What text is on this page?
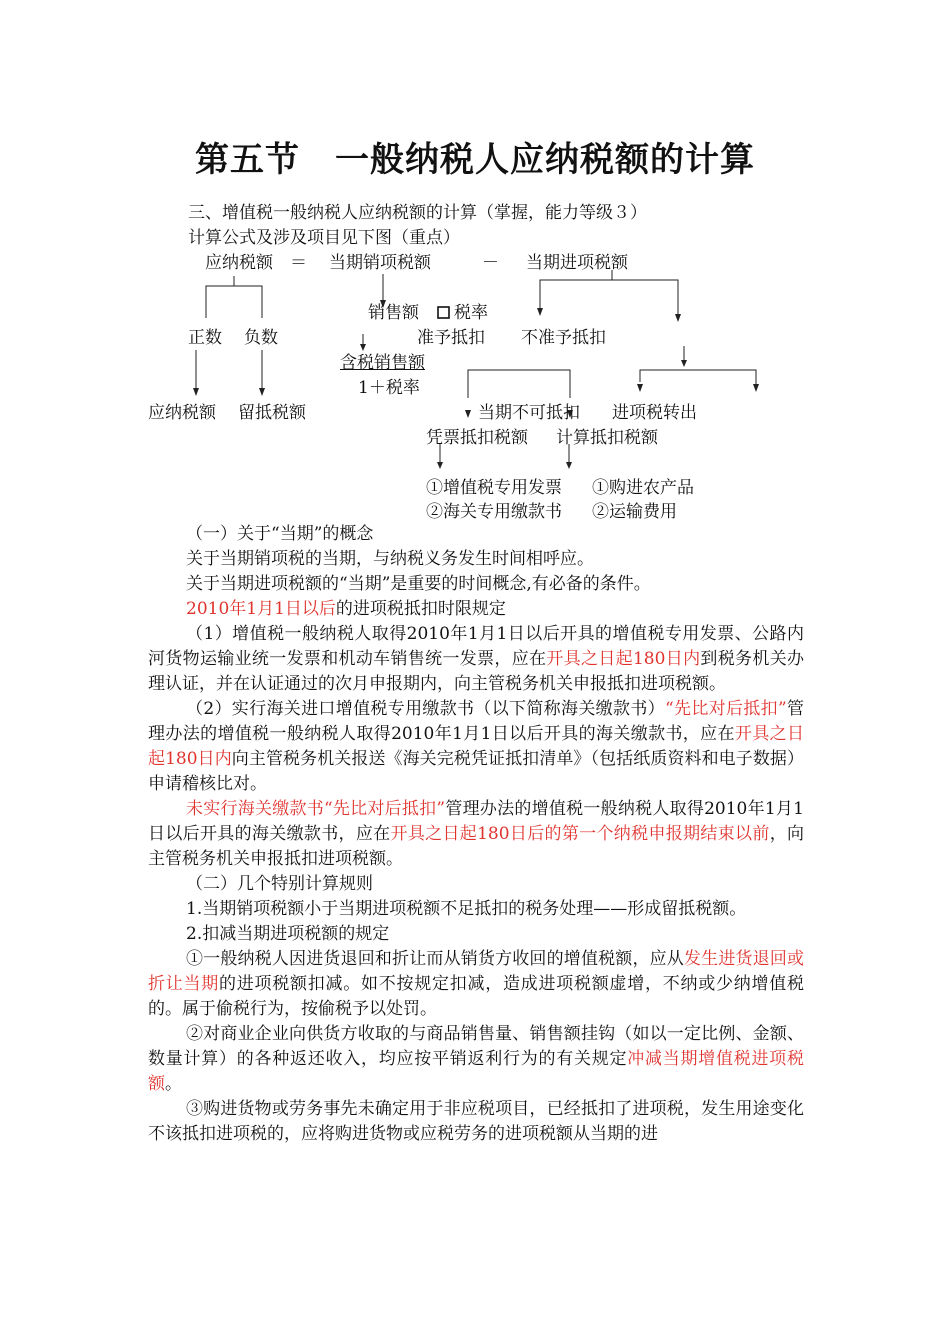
第五节　一般纳税人应纳税额的计算
三、增值税一般纳税人应纳税额的计算（掌握，能力等级３）
计算公式及涉及项目见下图（重点）
应纳税额 ＝ 当期销项税额	－ 当期进项税额
销售额 税率
正数 负数	准予抵扣 不准予抵扣
含税销售额
1＋税率
应纳税额 留抵税额	当期不可抵扣 进项税转出
凭票抵扣税额 计算抵扣税额
①增值税专用发票 ①购进农产品
②海关专用缴款书 ②运输费用

（一）关于“当期”的概念

关于当期销项税的当期，与纳税义务发生时间相呼应。

关于当期进项税额的“当期”是重要的时间概念,有必备的条件。

2010年1月1日以后的进项税抵扣时限规定

（1）增值税一般纳税人取得2010年1月1日以后开具的增值税专用发票、公路内河货物运输业统一发票和机动车销售统一发票，应在开具之日起180日内到税务机关办理认证，并在认证通过的次月申报期内，向主管税务机关申报抵扣进项税额。

（2）实行海关进口增值税专用缴款书（以下简称海关缴款书）“先比对后抵扣”管理办法的增值税一般纳税人取得2010年1月1日以后开具的海关缴款书，应在开具之日起180日内向主管税务机关报送《海关完税凭证抵扣清单》（包括纸质资料和电子数据）申请稽核比对。

未实行海关缴款书“先比对后抵扣”管理办法的增值税一般纳税人取得2010年1月1日以后开具的海关缴款书，应在开具之日起180日后的第一个纳税申报期结束以前，向主管税务机关申报抵扣进项税额。

（二）几个特别计算规则

1.当期销项税额小于当期进项税额不足抵扣的税务处理——形成留抵税额。

2.扣减当期进项税额的规定

①一般纳税人因进货退回和折让而从销货方收回的增值税额，应从发生进货退回或折让当期的进项税额扣减。如不按规定扣减，造成进项税额虚增，不纳或少纳增值税的。属于偷税行为，按偷税予以处罚。

②对商业企业向供货方收取的与商品销售量、销售额挂钩（如以一定比例、金额、数量计算）的各种返还收入，均应按平销返利行为的有关规定冲减当期增值税进项税额。

③购进货物或劳务事先未确定用于非应税项目，已经抵扣了进项税，发生用途变化不该抵扣进项税的，应将购进货物或应税劳务的进项税额从当期的进
